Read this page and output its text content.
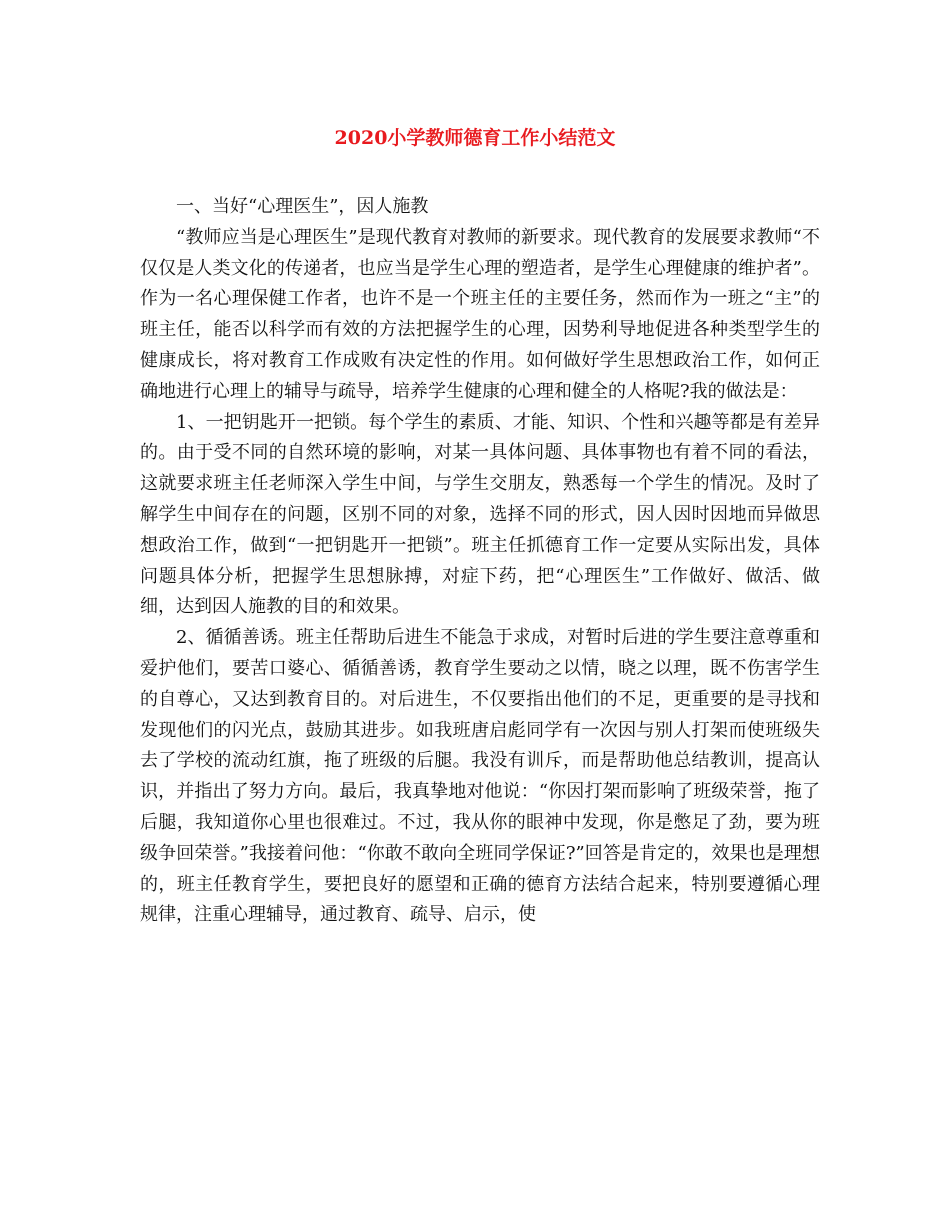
2020小学教师德育工作小结范文

一、当好“心理医生”，因人施教

“教师应当是心理医生”是现代教育对教师的新要求。现代教育的发展要求教师“不仅仅是人类文化的传递者，也应当是学生心理的塑造者，是学生心理健康的维护者”。作为一名心理保健工作者，也许不是一个班主任的主要任务，然而作为一班之“主”的班主任，能否以科学而有效的方法把握学生的心理，因势利导地促进各种类型学生的健康成长，将对教育工作成败有决定性的作用。如何做好学生思想政治工作，如何正确地进行心理上的辅导与疏导，培养学生健康的心理和健全的人格呢?我的做法是：

1、一把钥匙开一把锁。每个学生的素质、才能、知识、个性和兴趣等都是有差异的。由于受不同的自然环境的影响，对某一具体问题、具体事物也有着不同的看法，这就要求班主任老师深入学生中间，与学生交朋友，熟悉每一个学生的情况。及时了解学生中间存在的问题，区别不同的对象，选择不同的形式，因人因时因地而异做思想政治工作，做到“一把钥匙开一把锁”。班主任抓德育工作一定要从实际出发，具体问题具体分析，把握学生思想脉搏，对症下药，把“心理医生”工作做好、做活、做细，达到因人施教的目的和效果。

2、循循善诱。班主任帮助后进生不能急于求成，对暂时后进的学生要注意尊重和爱护他们，要苦口婆心、循循善诱，教育学生要动之以情，晓之以理，既不伤害学生的自尊心，又达到教育目的。对后进生，不仅要指出他们的不足，更重要的是寻找和发现他们的闪光点，鼓励其进步。如我班唐启彪同学有一次因与别人打架而使班级失去了学校的流动红旗，拖了班级的后腿。我没有训斥，而是帮助他总结教训，提高认识，并指出了努力方向。最后，我真挚地对他说：“你因打架而影响了班级荣誉，拖了后腿，我知道你心里也很难过。不过，我从你的眼神中发现，你是憋足了劲，要为班级争回荣誉。”我接着问他：“你敢不敢向全班同学保证?”回答是肯定的，效果也是理想的，班主任教育学生，要把良好的愿望和正确的德育方法结合起来，特别要遵循心理规律，注重心理辅导，通过教育、疏导、启示，使
